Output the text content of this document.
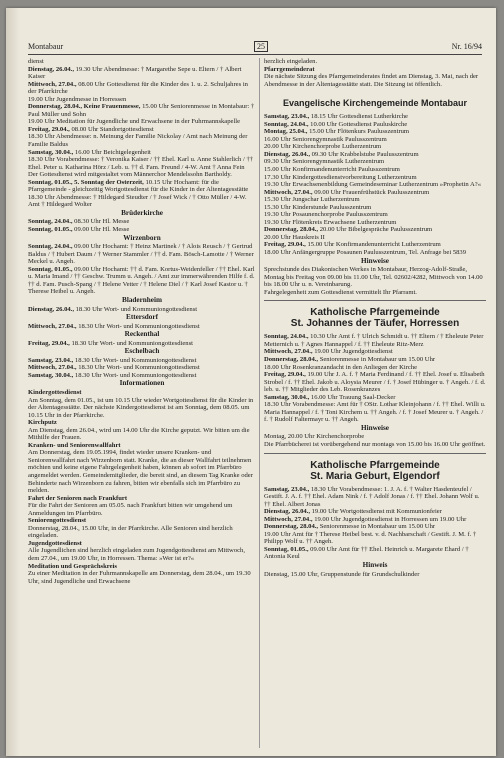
Montabaur	25	Nr. 16/94

dienst

Dienstag, 26.04., 19.30 Uhr Abendmesse: † Margarethe Sepe u. Eltern / † Albert Kaiser

Mittwoch, 27.04., 08.00 Uhr Gottesdienst für die Kinder des 1. u. 2. Schuljahres in der Pfarrkirche

19.00 Uhr Jugendmesse in Horressen

Donnerstag, 28.04., Keine Frauenmesse, 15.00 Uhr Seniorenmesse in Montabaur: † Paul Müller und Sohn

19.00 Uhr Meditation für Jugendliche und Erwachsene in der Fuhrmannskapelle

Freitag, 29.04., 08.00 Uhr Standortgottesdienst

18.30 Uhr Abendmesse: n. Meinung der Familie Nickolay / Amt nach Meinung der Familie Baldus

Samstag, 30.04., 16.00 Uhr Beichtgelegenheit

18.30 Uhr Vorabendmesse: † Veronika Kaiser / †† Ehel. Karl u. Anne Stahlerlich / †† Ehel. Peter u. Katharina Hörz / Leb. u. †† d. Fam. Freund / 4-W. Amt † Anna Fein

Der Gottesdienst wird mitgestaltet vom Männerchor Mendelssohn Bartholdy.

Sonntag, 01.05., 5. Sonntag der Osterzeit, 10.15 Uhr Hochamt: für die Pfarrgemeinde - gleichzeitig Wortgottesdienst für die Kinder in der Altentagesstätte

18.30 Uhr Abendmesse: † Hildegard Steudter / † Josef Wick / † Otto Müller / 4-W. Amt † Hildegard Wolter

Brüderkirche

Sonntag, 24.04., 08.30 Uhr Hl. Messe

Sonntag, 01.05., 09.00 Uhr Hl. Messe

Wirzenborn

Sonntag, 24.04., 09.00 Uhr Hochamt: † Heinz Martinek / † Alois Reusch / † Gertrud Baldus / † Hubert Daum / † Werner Stammler / †† d. Fam. Bösch-Lamotte / † Werner Meckel u. Angeh.

Sonntag, 01.05., 09.00 Uhr Hochamt: †† d. Fam. Kortus-Weidenfeller / †† Ehel. Karl u. Maria Imand / †† Geschw. Trumm u. Angeh. / Amt zur immerwährenden Hilfe f. d. †† d. Fam. Pusch-Spang / † Helene Vetter / † Helene Diel / † Karl Josef Kastor u. † Therese Heibel u. Angeh.

Bladernheim

Dienstag, 26.04., 18.30 Uhr Wort- und Kommuniongottesdienst

Ettersdorf

Mittwoch, 27.04., 18.30 Uhr Wort- und Kommuniongottesdienst

Reckenthal

Freitag, 29.04., 18.30 Uhr Wort- und Kommuniongottesdienst

Eschelbach

Samstag, 23.04., 18.30 Uhr Wort- und Kommuniongottesdienst

Mittwoch, 27.04., 18.30 Uhr Wort- und Kommuniongottesdienst

Samstag, 30.04., 18.30 Uhr Wort- und Kommuniongottesdienst

Informationen

Kindergottesdienst

Am Sonntag, dem 01.05., ist um 10.15 Uhr wieder Wortgottesdienst für die Kinder in der Altentagesstätte. Der nächste Kindergottesdienst ist am Sonntag, dem 08.05. um 10.15 Uhr in der Pfarrkirche.

Kirchputz

Am Dienstag, dem 26.04., wird um 14.00 Uhr die Kirche geputzt. Wir bitten um die Mithilfe der Frauen.

Kranken- und Seniorenwallfahrt

Am Donnerstag, dem 19.05.1994, findet wieder unsere Kranken- und Seniorenwallfahrt nach Wirzenborn statt. Kranke, die an dieser Wallfahrt teilnehmen möchten und keine eigene Fahrgelegenheit haben, können ab sofort im Pfarrbüro angemeldet werden. Gemeindemitglieder, die bereit sind, an diesem Tag Kranke oder Behinderte nach Wirzenborn zu fahren, bitten wir ebenfalls sich im Pfarrbüro zu melden.

Fahrt der Senioren nach Frankfurt

Für die Fahrt der Senioren am 05.05. nach Frankfurt bitten wir umgehend um Anmeldungen im Pfarrbüro.

Seniorengottesdienst

Donnerstag, 28.04., 15.00 Uhr, in der Pfarrkirche. Alle Senioren sind herzlich eingeladen.

Jugendgottesdienst

Alle Jugendlichen sind herzlich eingeladen zum Jugendgottesdienst am Mittwoch, dem 27.04., um 19.00 Uhr, in Horressen. Thema: »Wer ist er?«

Meditation und Gesprächskreis

Zu einer Meditation in der Fuhrmannskapelle am Donnerstag, dem 28.04., um 19.30 Uhr, sind Jugendliche und Erwachsene

herzlich eingeladen.

Pfarrgemeinderat

Die nächste Sitzung des Pfarrgemeinderates findet am Dienstag, 3. Mai, nach der Abendmesse in der Altentagesstätte statt. Die Sitzung ist öffentlich.

Evangelische Kirchengemeinde Montabaur

Samstag, 23.04., 18.15 Uhr Gottesdienst Lutherkirche

Sonntag, 24.04., 10.00 Uhr Gottesdienst Pauluskirche

Montag, 25.04., 15.00 Uhr Flötenkurs Paulusszentrum

16.00 Uhr Seniorengymnastik Paulusszentrum

20.00 Uhr Kirchenchorprobe Lutherzentrum

Dienstag, 26.04., 09.30 Uhr Krabbelstube Paulusszentrum

09.30 Uhr Seniorengymnastik Lutherzentrum

15.00 Uhr Konfirmandenunterricht Paulusszentrum

17.30 Uhr Kindergottesdienstvorbereitung Lutherzentrum

19.30 Uhr Erwachsenenbildung Gemeindeseminar Lutherzentrum »Prophetin A?«

Mittwoch, 27.04., 09.00 Uhr Frauenfrühstück Paulusszentrum

15.30 Uhr Jungschar Lutherzentrum

15.30 Uhr Kinderstunde Paulusszentrum

19.30 Uhr Posaunenchorprobe Paulusszentrum

19.30 Uhr Flötenkreis Erwachsene Lutherzentrum

Donnerstag, 28.04., 20.00 Uhr Bibelgespräche Paulusszentrum

20.00 Uhr Hauskreis II

Freitag, 29.04., 15.00 Uhr Konfirmandenunterricht Lutherzentrum

18.00 Uhr Anfängergruppe Posaunen Paulusszentrum, Tel. Anfrage bei 5839

Hinweise

Sprechstunde des Diakonischen Werkes in Montabaur, Herzog-Adolf-Straße, Montag bis Freitag von 09.00 bis 11.00 Uhr, Tel. 02602/4282, Mittwoch von 14.00 bis 18.00 Uhr u. n. Vereinbarung.

Fahrgelegenheit zum Gottesdienst vermittelt Ihr Pfarramt.

Katholische Pfarrgemeinde
St. Johannes der Täufer, Horressen

Sonntag, 24.04., 10.30 Uhr Amt f. † Ulrich Schmidt u. †† Eltern / † Eheleute Peter Metternich u. † Agnes Hannappel / f. †† Eheleute Ritz-Merz

Mittwoch, 27.04., 19.00 Uhr Jugendgottesdienst

Donnerstag, 28.04., Seniorenmesse in Montabaur um 15.00 Uhr

18.00 Uhr Rosenkranzandacht in den Anliegen der Kirche

Freitag, 29.04., 19.00 Uhr J. A. f. † Maria Ferdinand / f. †† Ehel. Josef u. Elisabeth Strobel / f. †† Ehel. Jakob u. Aloysia Meurer / f. † Josef Hübinger u. † Angeh. / f. d. leb. u. †† Mitglieder des Leb. Rosenkranzes

Samstag, 30.04., 16.00 Uhr Trauung Saal-Decker

18.30 Uhr Vorabendmesse: Amt für † OStr. Lothar Kleinjohann / f. †† Ehel. Willi u. Maria Hannappel / f. † Toni Kirchem u. †† Angeh. / f. † Josef Meurer u. † Angeh. / f. † Rudolf Faltermayr u. †† Angeh.

Hinweise

Montag, 20.00 Uhr Kirchenchorprobe

Die Pfarrbücherei ist vorübergehend nur montags von 15.00 bis 16.00 Uhr geöffnet.

Katholische Pfarrgemeinde
St. Maria Geburt, Elgendorf

Samstag, 23.04., 18.30 Uhr Vorabendmesse: 1. J. A. f. † Walter Hasdenteufel / Gestift. J. A. f. †† Ehel. Adam Nink / f. † Adolf Jonas / f. †† Ehel. Johann Wolf u. †† Ehel. Albert Jonas

Dienstag, 26.04., 19.00 Uhr Wortgottesdienst mit Kommunionfeier

Mittwoch, 27.04., 19.00 Uhr Jugendgottesdienst in Horressen um 19.00 Uhr

Donnerstag, 28.04., Seniorenmesse in Montabaur um 15.00 Uhr

19.00 Uhr Amt für † Therese Heibel best. v. d. Nachbarschaft / Gestift. J. M. f. † Philipp Wolf u. †† Angeh.

Sonntag, 01.05., 09.00 Uhr Amt für †† Ehel. Heinrich u. Margarete Ehard / † Antonia Keul

Hinweis

Dienstag, 15.00 Uhr, Gruppenstunde für Grundschulkinder
